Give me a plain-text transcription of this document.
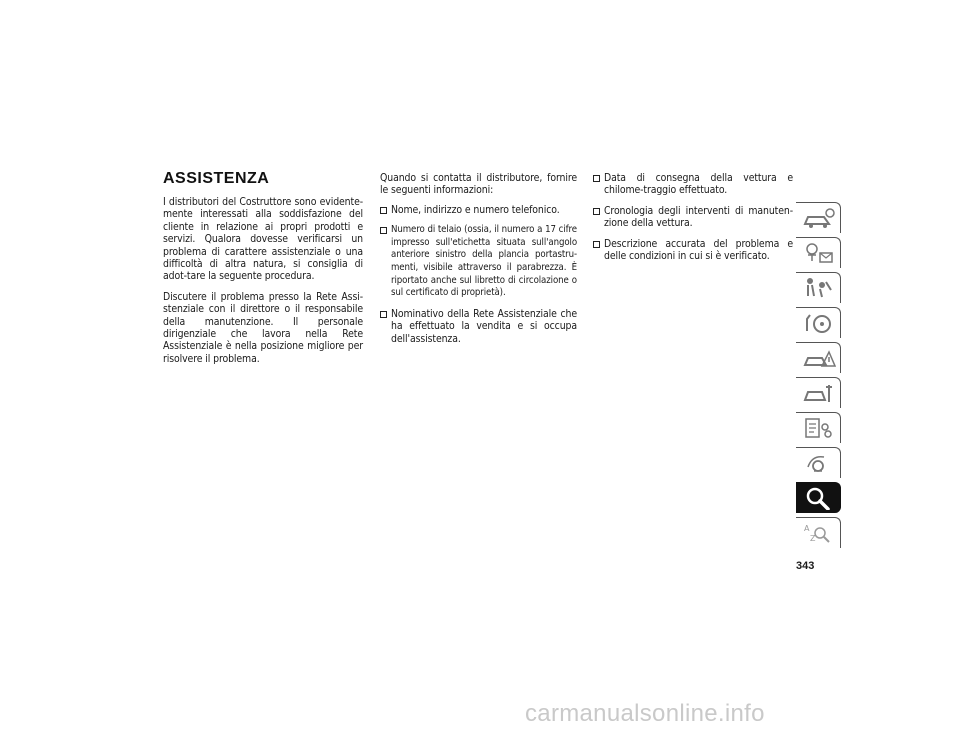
ASSISTENZA

I distributori del Costruttore sono evidente-mente interessati alla soddisfazione del cliente in relazione ai propri prodotti e servizi. Qualora dovesse verificarsi un problema di carattere assistenziale o una difficoltà di altra natura, si consiglia di adot-tare la seguente procedura.

Discutere il problema presso la Rete Assi-stenziale con il direttore o il responsabile della manutenzione. Il personale dirigenziale che lavora nella Rete Assistenziale è nella posizione migliore per risolvere il problema.

Quando si contatta il distributore, fornire le seguenti informazioni:

Nome, indirizzo e numero telefonico.

Numero di telaio (ossia, il numero a 17 cifre impresso sull'etichetta situata sull'angolo anteriore sinistro della plancia portastru-menti, visibile attraverso il parabrezza. È riportato anche sul libretto di circolazione o sul certificato di proprietà).

Nominativo della Rete Assistenziale che ha effettuato la vendita e si occupa dell'assistenza.

Data di consegna della vettura e chilome-traggio effettuato.

Cronologia degli interventi di manuten-zione della vettura.

Descrizione accurata del problema e delle condizioni in cui si è verificato.

A
Z
343
carmanualsonline.info
